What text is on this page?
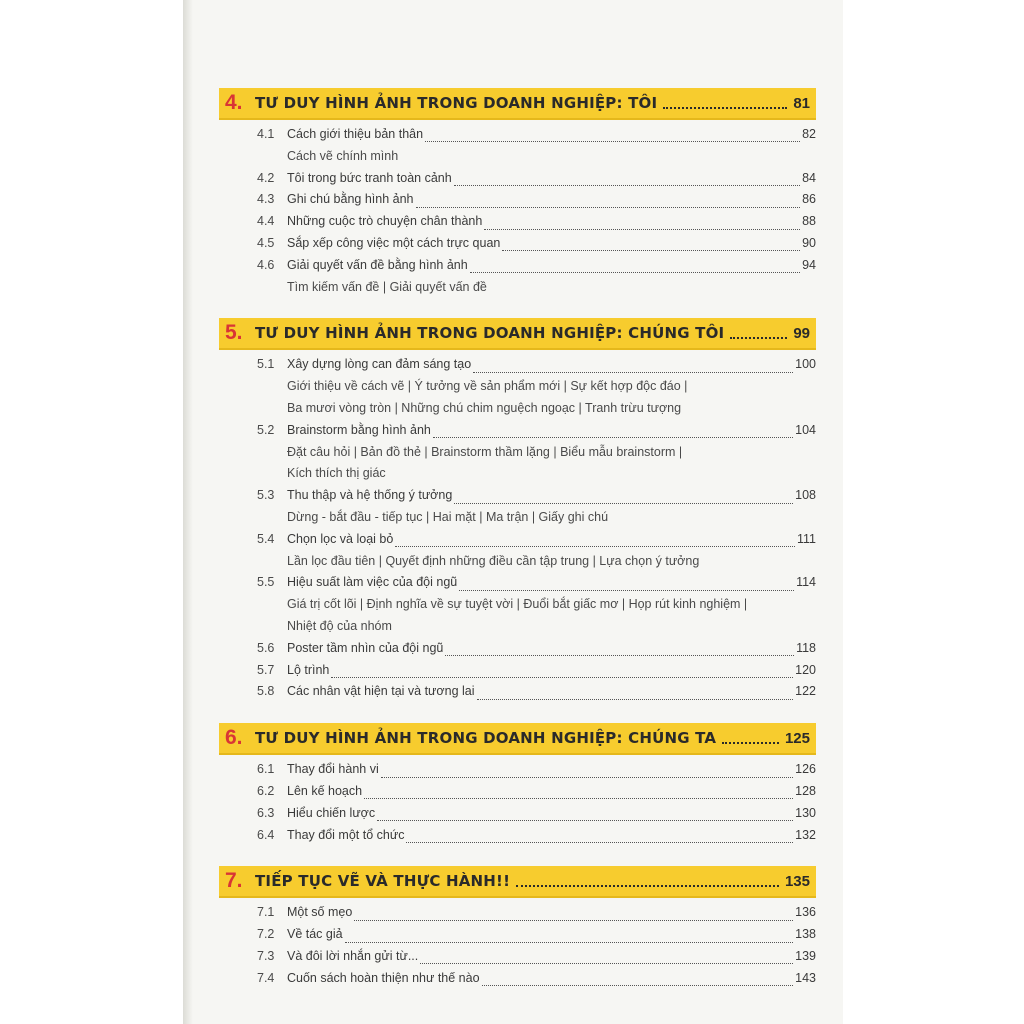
4. TƯ DUY HÌNH ẢNH TRONG DOANH NGHIỆP: TÔI	81
4.1	Cách giới thiệu bản thân	82
Cách vẽ chính mình
4.2	Tôi trong bức tranh toàn cảnh	84
4.3	Ghi chú bằng hình ảnh	86
4.4	Những cuộc trò chuyện chân thành	88
4.5	Sắp xếp công việc một cách trực quan	90
4.6	Giải quyết vấn đề bằng hình ảnh	94
Tìm kiếm vấn đề | Giải quyết vấn đề
5. TƯ DUY HÌNH ẢNH TRONG DOANH NGHIỆP: CHÚNG TÔI	99
5.1	Xây dựng lòng can đảm sáng tạo	100
Giới thiệu về cách vẽ | Ý tưởng về sản phẩm mới | Sự kết hợp độc đáo |
Ba mươi vòng tròn | Những chú chim nguệch ngoạc | Tranh trừu tượng
5.2	Brainstorm bằng hình ảnh	104
Đặt câu hỏi | Bản đồ thẻ | Brainstorm thầm lặng | Biểu mẫu brainstorm |
Kích thích thị giác
5.3	Thu thập và hệ thống ý tưởng	108
Dừng - bắt đầu - tiếp tục | Hai mặt | Ma trận | Giấy ghi chú
5.4	Chọn lọc và loại bỏ	111
Lần lọc đầu tiên | Quyết định những điều cần tập trung | Lựa chọn ý tưởng
5.5	Hiệu suất làm việc của đội ngũ	114
Giá trị cốt lõi | Định nghĩa về sự tuyệt vời | Đuổi bắt giấc mơ | Họp rút kinh nghiệm |
Nhiệt độ của nhóm
5.6	Poster tầm nhìn của đội ngũ	118
5.7	Lộ trình	120
5.8	Các nhân vật hiện tại và tương lai	122
6. TƯ DUY HÌNH ẢNH TRONG DOANH NGHIỆP: CHÚNG TA	125
6.1	Thay đổi hành vi	126
6.2	Lên kế hoạch	128
6.3	Hiểu chiến lược	130
6.4	Thay đổi một tổ chức	132
7. TIẾP TỤC VẼ VÀ THỰC HÀNH!!	135
7.1	Một số mẹo	136
7.2	Về tác giả	138
7.3	Và đôi lời nhắn gửi từ...	139
7.4	Cuốn sách hoàn thiện như thế nào	143
